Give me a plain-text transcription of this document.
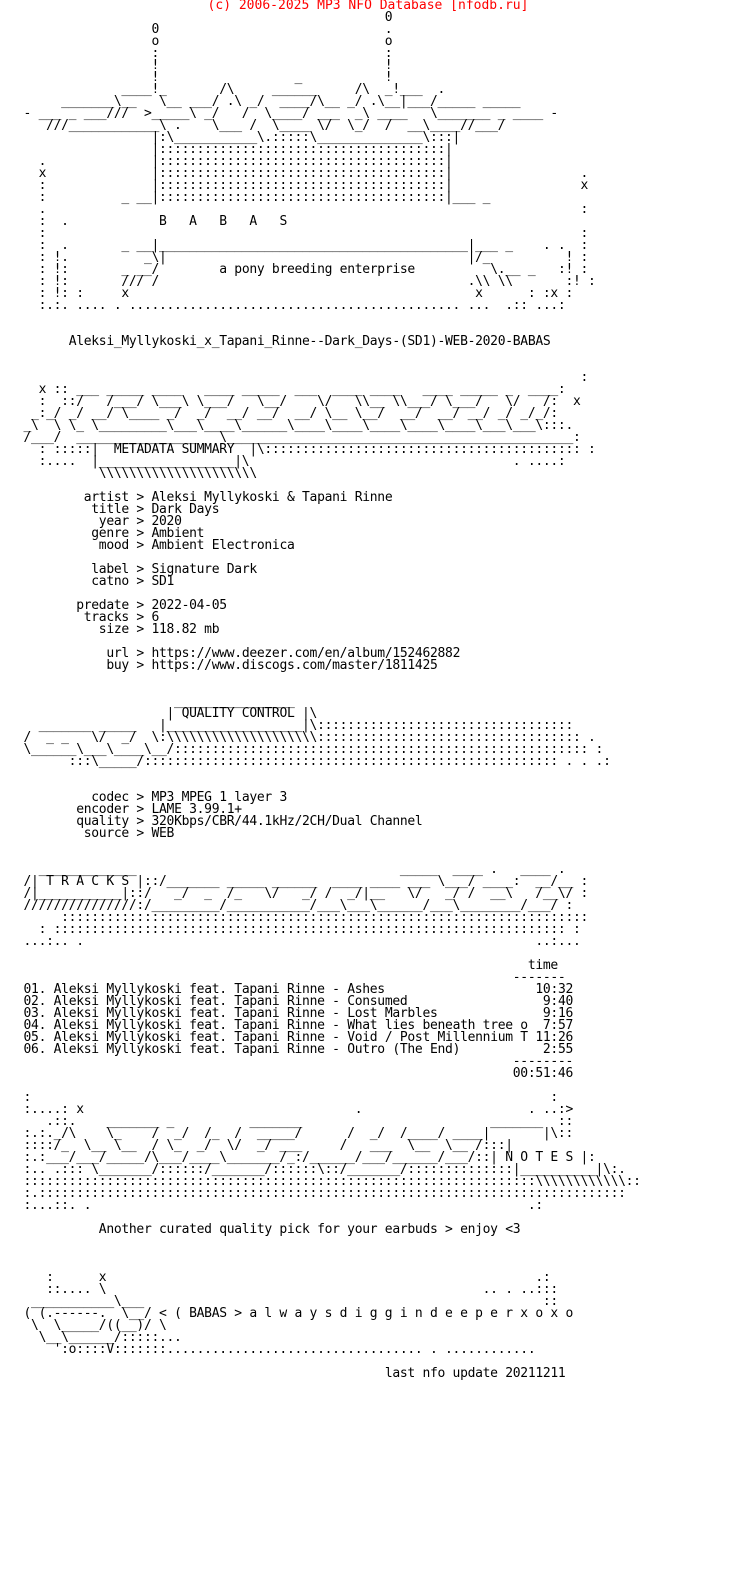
(c) 2006-2025 MP3 NFO Database [nfodb.ru]
0
0                              .
o                              o
:                              :
!                              !
!                  _           !
____!_       /\     ______     /\  _!___  .
_______\__   \__ ___/ .\ _/  ____/\__ _/ .\__|___/_____ _____
- ___ _ ___///  >_____\ _/   /  \____/ ___  _\ ____   \_______ _ ____ -
///____________\ .    \___ /  \____ \/  \_/  /  __\____//___/
|:\___________\.:::::\______________\:::|
|::::::::::::::::::::::::::::::::::::::|
.              |::::::::::::::::::::::::::::::::::::::|
x              |::::::::::::::::::::::::::::::::::::::|                 .
:              |::::::::::::::::::::::::::::::::::::::|                 x
:          _ __|::::::::::::::::::::::::::::::::::::::|___ _
.                                                                       :
:  .            B   A   B   A   S
:                                                                       :
:  .       _ __|_________________________________________|___ _    . .  :
: !.          _\|                                        |/_          ! :
: !:       _ __/        a pony breeding enterprise          \.__ _   :! :
: !:       /// /                                         .\\ \\       :! :
: !: :     x                                              x      : :x :
:.:. .... . ............................................ ...  .:: ...:
Aleksi_Myllykoski_x_Tapani_Rinne--Dark_Days-(SD1)-WEB-2020-BABAS
:
x :: ___ _____ ____   ____ _____  ___  ____ ____   ____ _____ _  ____:
:  ::/   /___/ \___\ \___/   \__/    \/   \\__ \\___/ \___/   \/   /:  x
_:_/ _/ __/ \____ _/  _/  __/ __/  __/ \__ \__/  __/  __/ __/ _/ _/_/:
_\  \ \_ \_________\___\____\______\____\____\____\____\____\___\___\:::.
/___/  ________________   \______________________________________________:
: :::::|  METADATA SUMMARY  |\:::::::::::::::::::::::::::::::::::::::::: :
:....  |__________________|\                                   . ....:
\\\\\\\\\\\\\\\\\\\\\
artist > Aleksi Myllykoski & Tapani Rinne
title > Dark Days
year > 2020
genre > Ambient
mood > Ambient Electronica
label > Signature Dark
catno > SD1
predate > 2022-04-05
tracks > 6
size > 118.82 mb
url > https://www.deezer.com/en/album/152462882
buy > https://www.discogs.com/master/1811425
________________
| QUALITY CONTROL |\
_______ _____   |__________________|\::::::::::::::::::::::::::::::::::
/  _ _   \/  _/  \:\\\\\\\\\\\\\\\\\\\\::::::::::::::::::::::::::::::::::: .
\______\___\____\__/::::::::::::::::::::::::::::::::::::::::::::::::::::::: :
:::\_____/::::::::::::::::::::::::::::::::::::::::::::::::::::::: . . .:
codec > MP3 MPEG 1 layer 3
encoder > LAME 3.99.1+
quality > 320Kbps/CBR/44.1kHz/2CH/Dual Channel
source > WEB
_____________                                   _____  ____ .   ____ .
/| T R A C K S |::/_______ _____ ______  ____ ____ ___ \___/ ____:  __/__ :
/|___________|::/   _/  _  /_   \/   _/ /  _/|__   \/   _/ /  __\   /__\/ :
///////////////:/_________/___________/___\___\______/___\________/___/ :
::::::::::::::::::::::::::::::::::::::::::::::::::::::::::::::::::::::
: :::::::::::::::::::::::::::::::::::::::::::::::::::::::::::::::::::: :
...:.. .                                                            ..:...
time
-------
01. Aleksi Myllykoski feat. Tapani Rinne - Ashes	10:32
02. Aleksi Myllykoski feat. Tapani Rinne - Consumed	9:40
03. Aleksi Myllykoski feat. Tapani Rinne - Lost Marbles	9:16
04. Aleksi Myllykoski feat. Tapani Rinne - What lies beneath tree o 7:57
05. Aleksi Myllykoski feat. Tapani Rinne - Void / Post Millennium T 11:26
06. Aleksi Myllykoski feat. Tapani Rinne - Outro (The End)	2:55
--------
00:51:46
:                                                                     :
:....: x                                    .                      . ..:>
.::.    _______ _          _______                         _______  ::
:.:._/\    \_    /  _/  /_  /  _____/      /  _/  /____/ ____|       |\::
::::/_  \__ \__  / \_  _/  \/  _/ ___     /   ___  \__  \__ /:::|
:.:___/___/_____/\___/____\_______/_:/______/___/______/___/::| N O T E S |:
:.. .::: \_______/::::::/_______/::::::\::/_______/::::::::::::::|__________|\:.
::::::::::::::::::::::::::::::::::::::::::::::::::::::::::::::::::::\\\\\\\\\\\\::
:.::::::::::::::::::::::::::::::::::::::::::::::::::::::::::::::::::::::::::::::
:...::. .                                                          .:
Another curated quality pick for your earbuds > enjoy <3
:      x                                                         .:
::.... \                                                  .. . ..:::
___________\___                                                     ::
( (.------.  \__/ < ( BABAS > a l w a y s d i g g i n d e e p e r x o x o
\  \_____/((__)/ \
\__\______/:::::...
':o::::V:::::::.................................. . ............
last nfo update 20211211
